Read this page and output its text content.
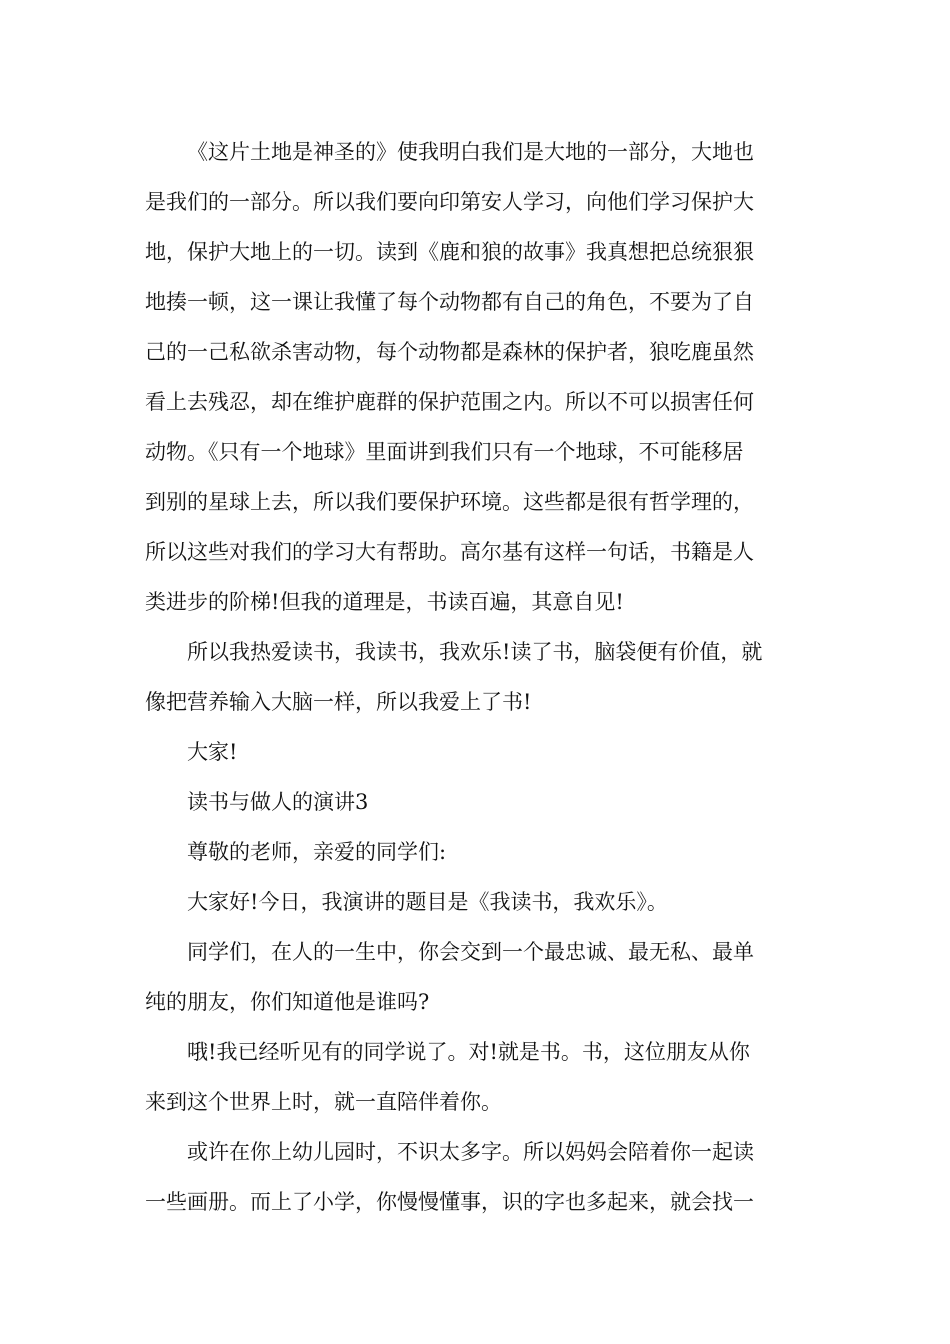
《这片土地是神圣的》使我明白我们是大地的一部分，大地也
是我们的一部分。所以我们要向印第安人学习，向他们学习保护大
地，保护大地上的一切。读到《鹿和狼的故事》我真想把总统狠狠
地揍一顿，这一课让我懂了每个动物都有自己的角色，不要为了自
己的一己私欲杀害动物，每个动物都是森林的保护者，狼吃鹿虽然
看上去残忍，却在维护鹿群的保护范围之内。所以不可以损害任何
动物。《只有一个地球》里面讲到我们只有一个地球，不可能移居
到别的星球上去，所以我们要保护环境。这些都是很有哲学理的，
所以这些对我们的学习大有帮助。高尔基有这样一句话，书籍是人
类进步的阶梯!但我的道理是，书读百遍，其意自见!
所以我热爱读书，我读书，我欢乐!读了书，脑袋便有价值，就
像把营养输入大脑一样，所以我爱上了书!
大家!
读书与做人的演讲3
尊敬的老师，亲爱的同学们:
大家好!今日，我演讲的题目是《我读书，我欢乐》。
同学们，在人的一生中，你会交到一个最忠诚、最无私、最单
纯的朋友，你们知道他是谁吗?
哦!我已经听见有的同学说了。对!就是书。书，这位朋友从你
来到这个世界上时，就一直陪伴着你。
或许在你上幼儿园时，不识太多字。所以妈妈会陪着你一起读
一些画册。而上了小学，你慢慢懂事，识的字也多起来，就会找一
